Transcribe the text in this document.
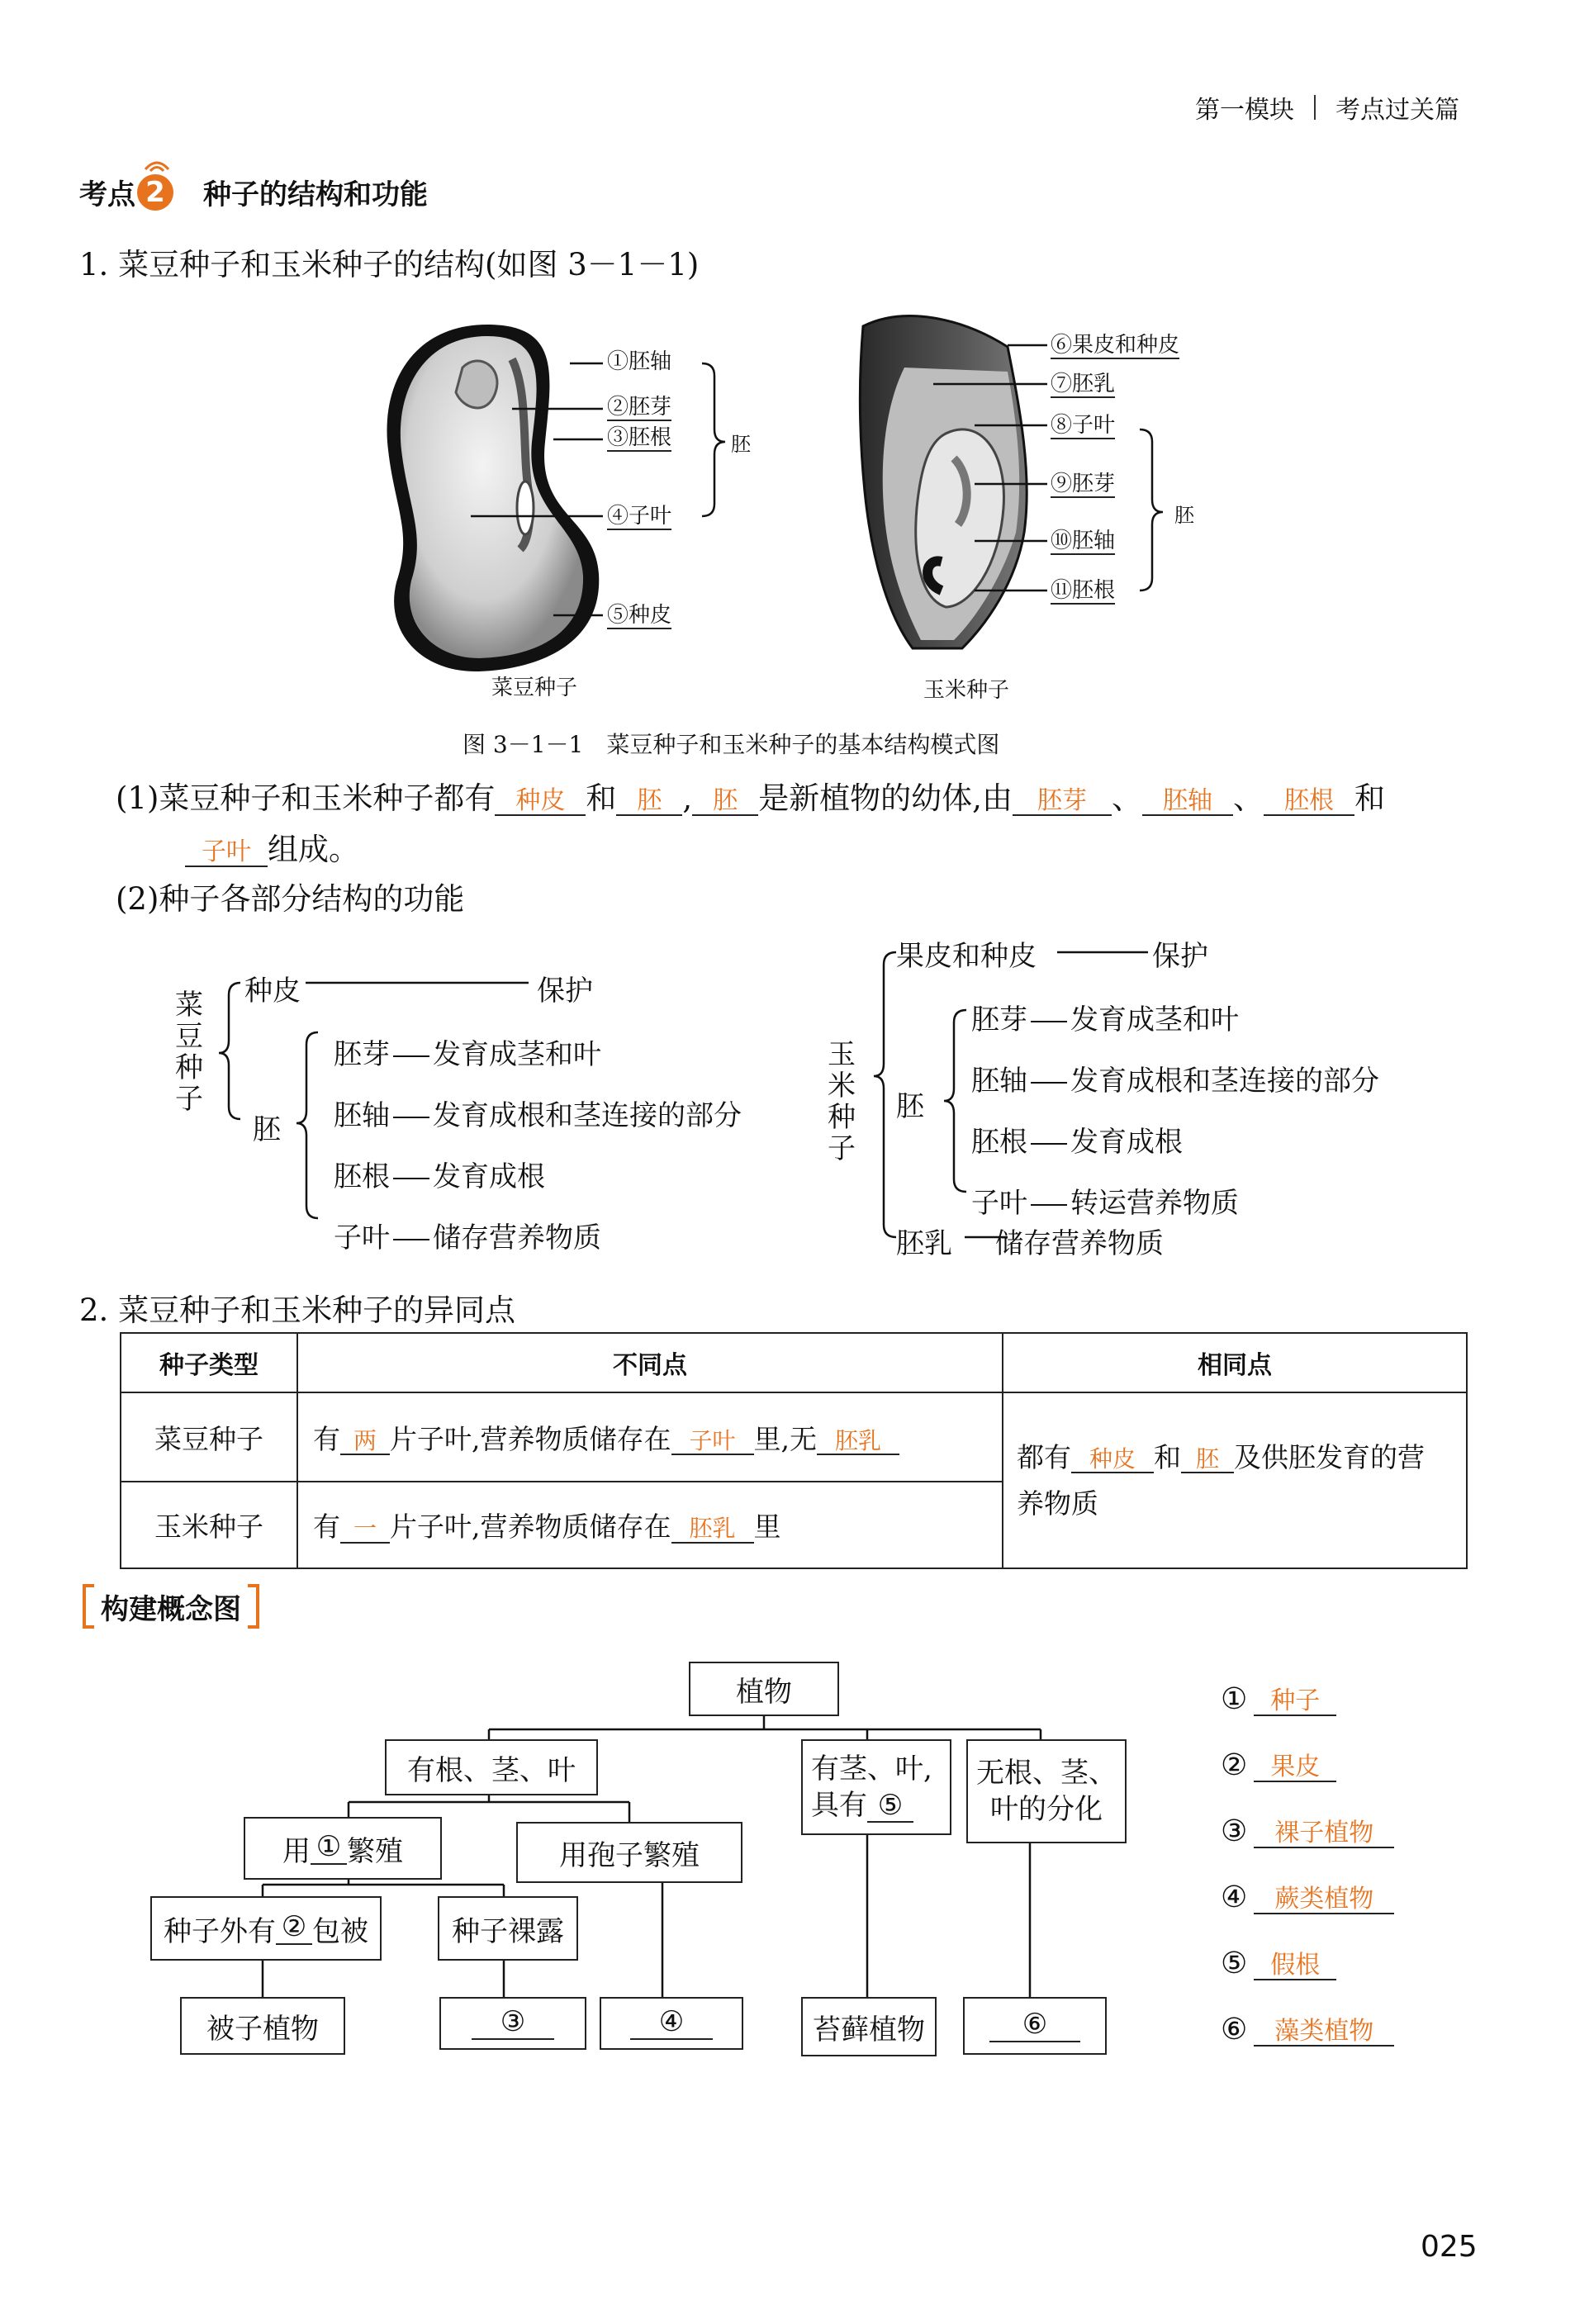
第一模块 考点过关篇
考点 2 种子的结构和功能
1. 菜豆种子和玉米种子的结构(如图 3－1－1)
①胚轴
②胚芽
③胚根
④子叶
⑤种皮
胚
菜豆种子
⑥果皮和种皮
⑦胚乳
⑧子叶
⑨胚芽
⑩胚轴
⑪胚根
胚
玉米种子
图 3－1－1　菜豆种子和玉米种子的基本结构模式图
(1)菜豆种子和玉米种子都有 种皮 和 胚 , 胚 是新植物的幼体,由 胚芽 、 胚轴 、 胚根 和
子叶 组成。
(2)种子各部分结构的功能
菜豆种子
种皮	保护
胚
胚芽 发育成茎和叶
胚轴 发育成根和茎连接的部分
胚根 发育成根
子叶 储存营养物质
玉米种子
果皮和种皮	保护
胚
胚芽 发育成茎和叶
胚轴 发育成根和茎连接的部分
胚根 发育成根
子叶 转运营养物质
胚乳 储存营养物质
2. 菜豆种子和玉米种子的异同点
种子类型	不同点	相同点
菜豆种子	有 两 片子叶,营养物质储存在 子叶 里,无 胚乳	都有 种皮 和 胚 及供胚发育的营
养物质
玉米种子	有 一 片子叶,营养物质储存在 胚乳 里	
构建概念图
植物
有根、茎、叶	有茎、叶,
具有 ⑤
无根、茎、
叶的分化
用 ① 繁殖	用孢子繁殖
种子外有 ② 包被	种子裸露
被子植物	③	④	苔藓植物	⑥
① 种子
② 果皮
③ 裸子植物
④ 蕨类植物
⑤ 假根
⑥ 藻类植物
025
